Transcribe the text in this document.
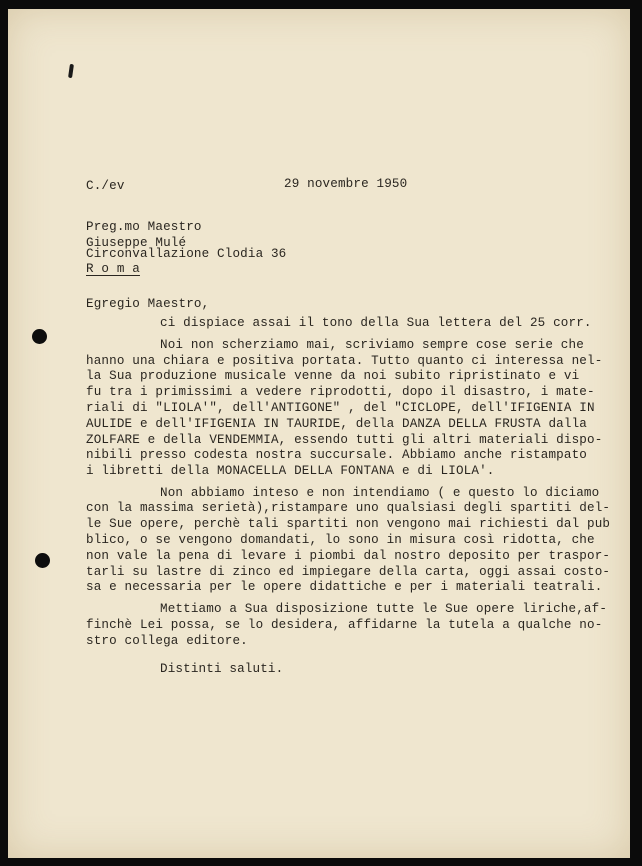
C./ev	29 novembre 1950
Preg.mo Maestro
Giuseppe Mulé
Circonvallazione Clodia 36
R o m a
Egregio Maestro,
ci dispiace assai il tono della Sua lettera del 25 corr.
Noi non scherziamo mai, scriviamo sempre cose serie che
hanno una chiara e positiva portata. Tutto quanto ci interessa nel-
la Sua produzione musicale venne da noi subito ripristinato e vi
fu tra i primissimi a vedere riprodotti, dopo il disastro, i mate-
riali di "LIOLA'", dell'ANTIGONE" , del "CICLOPE, dell'IFIGENIA IN
AULIDE e dell'IFIGENIA IN TAURIDE, della DANZA DELLA FRUSTA dalla
ZOLFARE e della VENDEMMIA, essendo tutti gli altri materiali dispo-
nibili presso codesta nostra succursale. Abbiamo anche ristampato
i libretti della MONACELLA DELLA FONTANA e di LIOLA'.
Non abbiamo inteso e non intendiamo ( e questo lo diciamo
con la massima serietà),ristampare uno qualsiasi degli spartiti del-
le Sue opere, perchè tali spartiti non vengono mai richiesti dal pub
blico, o se vengono domandati, lo sono in misura così ridotta, che
non vale la pena di levare i piombi dal nostro deposito per traspor-
tarli su lastre di zinco ed impiegare della carta, oggi assai costo-
sa e necessaria per le opere didattiche e per i materiali teatrali.
Mettiamo a Sua disposizione tutte le Sue opere liriche,af-
finchè Lei possa, se lo desidera, affidarne la tutela a qualche no-
stro collega editore.
Distinti saluti.
